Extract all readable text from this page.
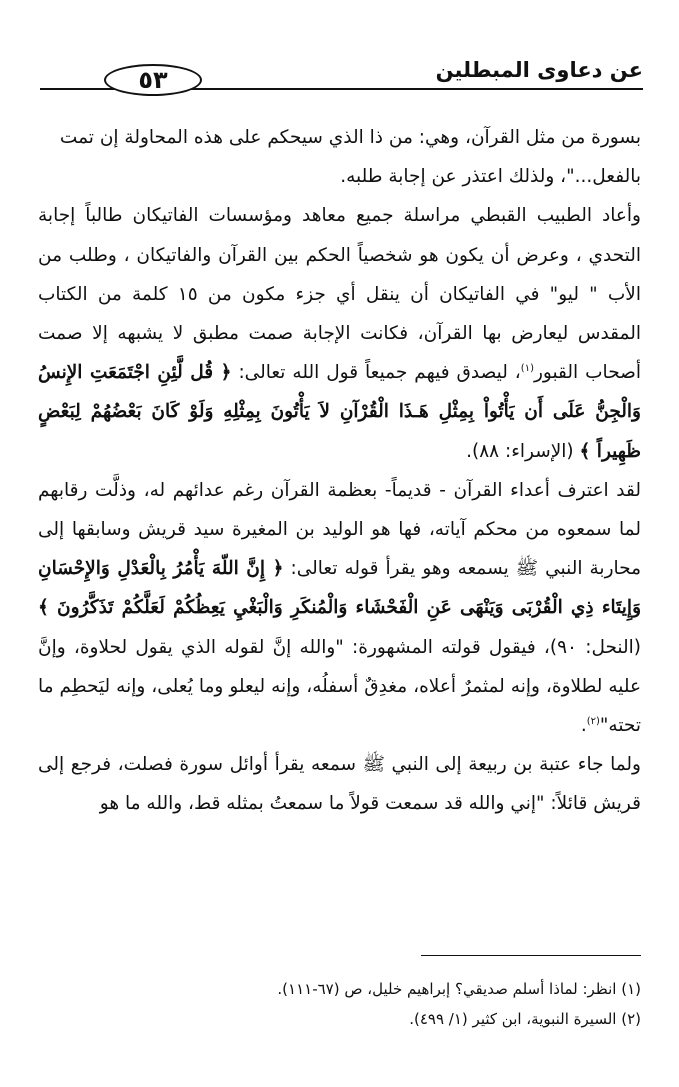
٥٣	عن دعاوى المبطلين

بسورة من مثل القرآن، وهي: من ذا الذي سيحكم على هذه المحاولة إن تمت
بالفعل..."، ولذلك اعتذر عن إجابة طلبه.

وأعاد الطبيب القبطي مراسلة جميع معاهد ومؤسسات الفاتيكان طالباً إجابة التحدي ، وعرض أن يكون هو شخصياً الحكم بين القرآن والفاتيكان ، وطلب من الأب " ليو" في الفاتيكان أن ينقل أي جزء مكون من ١٥ كلمة من الكتاب المقدس ليعارض بها القرآن، فكانت الإجابة صمت مطبق لا يشبهه إلا صمت أصحاب القبور$^{(١)}$، ليصدق فيهم جميعاً قول الله تعالى: ﴿ قُل لَّئِنِ اجْتَمَعَتِ الإِنسُ وَالْجِنُّ عَلَى أَن يَأْتُواْ بِمِثْلِ هَـذَا الْقُرْآنِ لاَ يَأْتُونَ بِمِثْلِهِ وَلَوْ كَانَ بَعْضُهُمْ لِبَعْضٍ ظَهِيراً ﴾ (الإسراء: ٨٨).

لقد اعترف أعداء القرآن - قديماً- بعظمة القرآن رغم عدائهم له، وذلَّت رقابهم لما سمعوه من محكم آياته، فها هو الوليد بن المغيرة سيد قريش وسابقها إلى محاربة النبي ﷺ يسمعه وهو يقرأ قوله تعالى: ﴿ إِنَّ اللّهَ يَأْمُرُ بِالْعَدْلِ وَالإِحْسَانِ وَإِيتَاء ذِي الْقُرْبَى وَيَنْهَى عَنِ الْفَحْشَاء وَالْمُنكَرِ وَالْبَغْيِ يَعِظُكُمْ لَعَلَّكُمْ تَذَكَّرُونَ ﴾ (النحل: ٩٠)، فيقول قولته المشهورة: "والله إنَّ لقوله الذي يقول لحلاوة، وإنَّ عليه لطلاوة، وإنه لمثمرٌ أعلاه، مغدِقٌ أسفلُه، وإنه ليعلو وما يُعلى، وإنه ليَحطِم ما تحته"$^{(٢)}$.

ولما جاء عتبة بن ربيعة إلى النبي ﷺ سمعه يقرأ أوائل سورة فصلت، فرجع إلى قريش قائلاً: "إني والله قد سمعت قولاً ما سمعتُ بمثله قط، والله ما هو

(١) انظر: لماذا أسلم صديقي؟ إبراهيم خليل، ص (٦٧-١١١).

(٢) السيرة النبوية، ابن كثير (١/ ٤٩٩).
